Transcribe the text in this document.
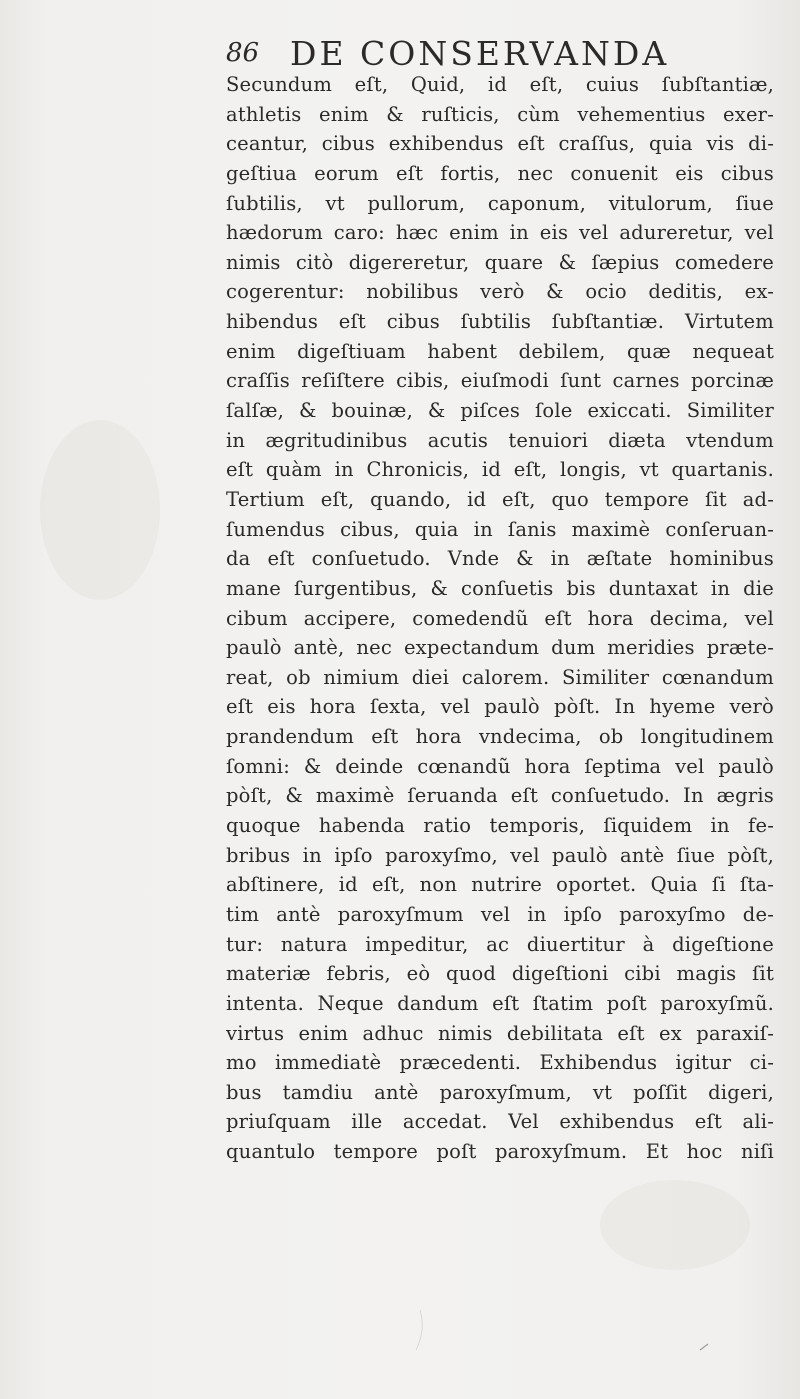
86 DE CONSERVANDA
Secundum eſt, Quid, id eſt, cuius ſubſtantiæ,
athletis enim & ruſticis, cùm vehementius exer-
ceantur, cibus exhibendus eſt craſſus, quia vis di-
geſtiua eorum eſt fortis, nec conuenit eis cibus
ſubtilis, vt pullorum, caponum, vitulorum, ſiue
hædorum caro: hæc enim in eis vel adureretur, vel
nimis citò digereretur, quare & ſæpius comedere
cogerentur: nobilibus verò & ocio deditis, ex-
hibendus eſt cibus ſubtilis ſubſtantiæ. Virtutem
enim digeſtiuam habent debilem, quæ nequeat
craſſis reſiſtere cibis, eiuſmodi ſunt carnes porcinæ
ſalſæ, & bouinæ, & piſces ſole exiccati. Similiter
in ægritudinibus acutis tenuiori diæta vtendum
eſt quàm in Chronicis, id eſt, longis, vt quartanis.
Tertium eſt, quando, id eſt, quo tempore ſit ad-
ſumendus cibus, quia in ſanis maximè conſeruan-
da eſt conſuetudo. Vnde & in æſtate hominibus
mane ſurgentibus, & conſuetis bis duntaxat in die
cibum accipere, comedendũ eſt hora decima, vel
paulò antè, nec expectandum dum meridies præte-
reat, ob nimium diei calorem. Similiter cœnandum
eſt eis hora ſexta, vel paulò pòſt. In hyeme verò
prandendum eſt hora vndecima, ob longitudinem
ſomni: & deinde cœnandũ hora ſeptima vel paulò
pòſt, & maximè ſeruanda eſt conſuetudo. In ægris
quoque habenda ratio temporis, ſiquidem in fe-
bribus in ipſo paroxyſmo, vel paulò antè ſiue pòſt,
abſtinere, id eſt, non nutrire oportet. Quia ſi ſta-
tim antè paroxyſmum vel in ipſo paroxyſmo de-
tur: natura impeditur, ac diuertitur à digeſtione
materiæ febris, eò quod digeſtioni cibi magis ſit
intenta. Neque dandum eſt ſtatim poſt paroxyſmũ.
virtus enim adhuc nimis debilitata eſt ex paraxiſ-
mo immediatè præcedenti. Exhibendus igitur ci-
bus tamdiu antè paroxyſmum, vt poſſit digeri,
priuſquam ille accedat. Vel exhibendus eſt ali-
quantulo tempore poſt paroxyſmum. Et hoc niſi
